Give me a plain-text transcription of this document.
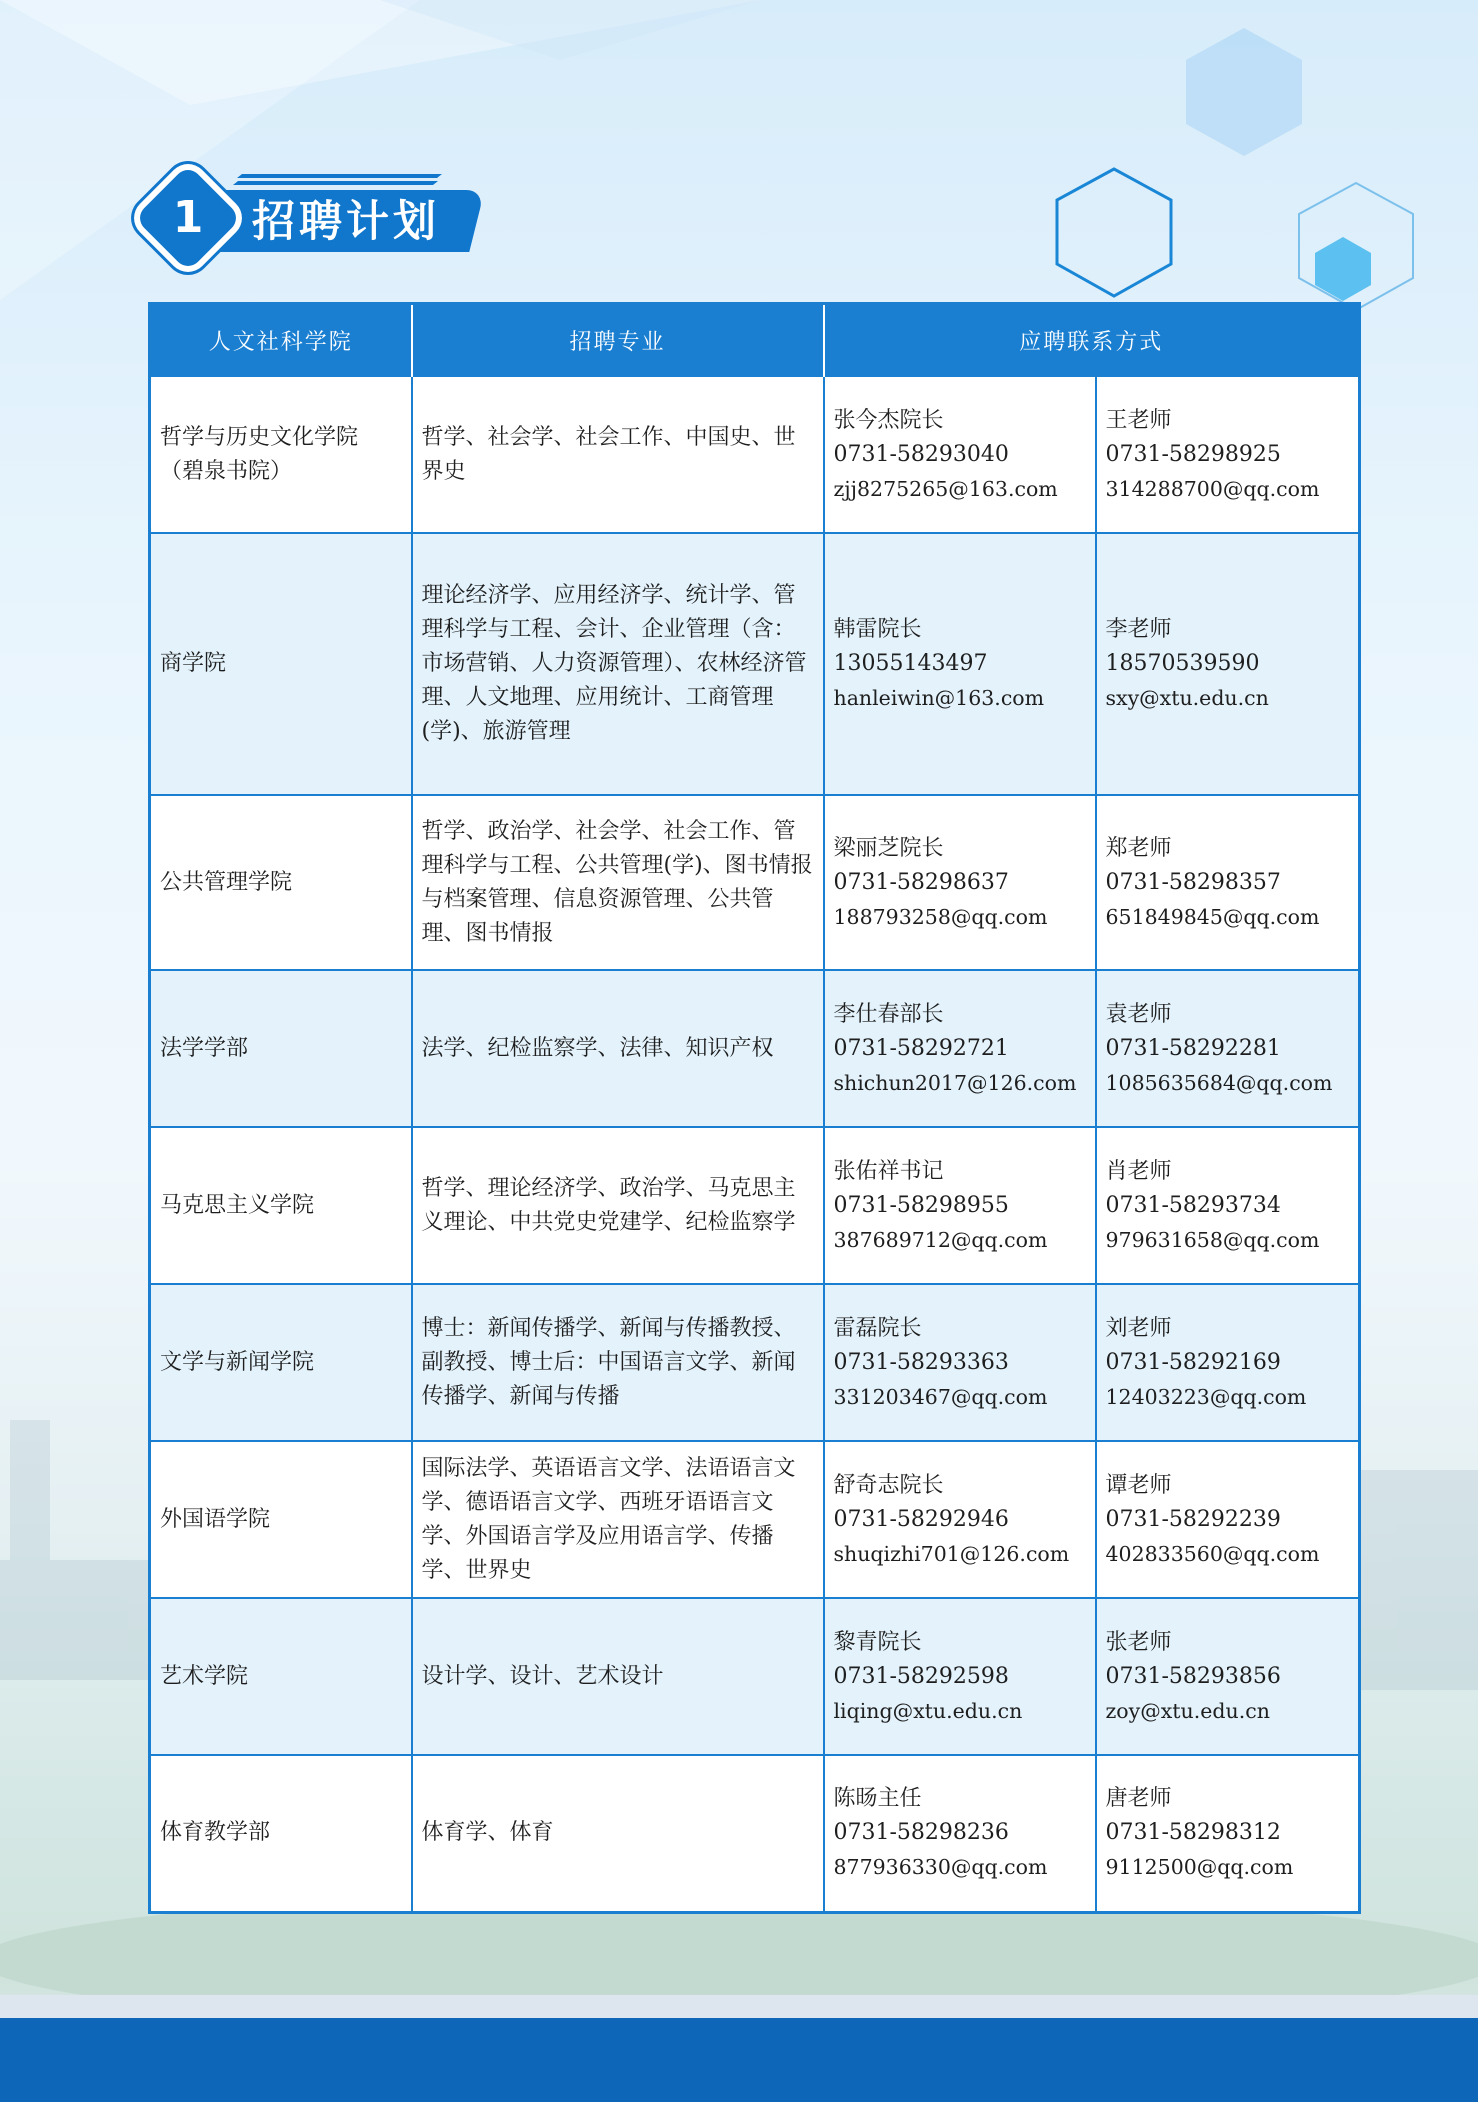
1	招聘计划
人文社科学院	招聘专业	应聘联系方式	
哲学与历史文化学院（碧泉书院）	哲学、社会学、社会工作、中国史、世界史	张今杰院长
0731-58293040
zjj8275265@163.com	王老师
0731-58298925
314288700@qq.com

商学院	理论经济学、应用经济学、统计学、管理科学与工程、会计、企业管理（含：市场营销、人力资源管理）、农林经济管理、人文地理、应用统计、工商管理(学)、旅游管理	韩雷院长
13055143497
hanleiwin@163.com	李老师
18570539590
sxy@xtu.edu.cn

公共管理学院	哲学、政治学、社会学、社会工作、管理科学与工程、公共管理(学)、图书情报与档案管理、信息资源管理、公共管理、图书情报	梁丽芝院长
0731-58298637
188793258@qq.com	郑老师
0731-58298357
651849845@qq.com

法学学部	法学、纪检监察学、法律、知识产权	李仕春部长
0731-58292721
shichun2017@126.com	袁老师
0731-58292281
1085635684@qq.com

马克思主义学院	哲学、理论经济学、政治学、马克思主义理论、中共党史党建学、纪检监察学	张佑祥书记
0731-58298955
387689712@qq.com	肖老师
0731-58293734
979631658@qq.com

文学与新闻学院	博士：新闻传播学、新闻与传播教授、副教授、博士后：中国语言文学、新闻传播学、新闻与传播	雷磊院长
0731-58293363
331203467@qq.com	刘老师
0731-58292169
12403223@qq.com

外国语学院	国际法学、英语语言文学、法语语言文学、德语语言文学、西班牙语语言文学、外国语言学及应用语言学、传播学、世界史	舒奇志院长
0731-58292946
shuqizhi701@126.com	谭老师
0731-58292239
402833560@qq.com

艺术学院	设计学、设计、艺术设计	黎青院长
0731-58292598
liqing@xtu.edu.cn	张老师
0731-58293856
zoy@xtu.edu.cn

体育教学部	体育学、体育	陈旸主任
0731-58298236
877936330@qq.com	唐老师
0731-58298312
9112500@qq.com
